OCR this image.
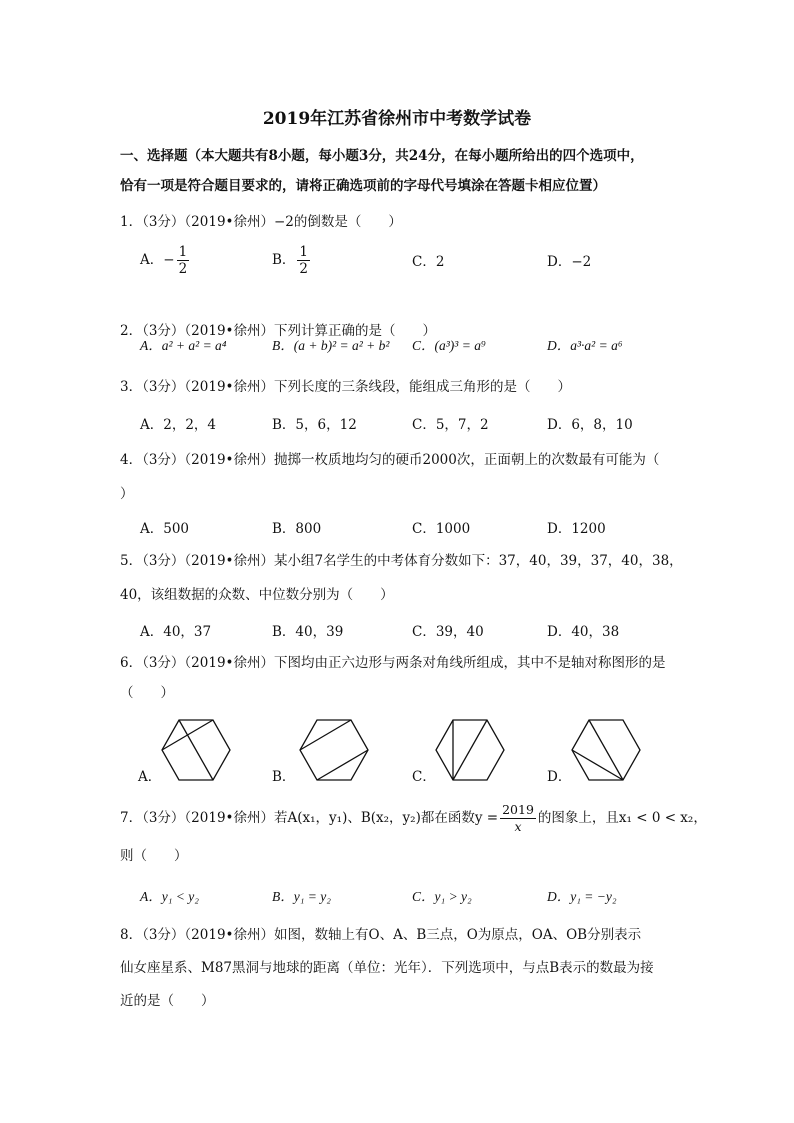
2019年江苏省徐州市中考数学试卷
一、选择题（本大题共有8小题，每小题3分，共24分，在每小题所给出的四个选项中，
恰有一项是符合题目要求的，请将正确选项前的字母代号填涂在答题卡相应位置）
1．（3分）（2019•徐州）−2的倒数是（　　）
A．− $\frac{1}{2}$	B． $\frac{1}{2}$	C．2	D．−2
2．（3分）（2019•徐州）下列计算正确的是（　　）
A．a² + a² = a⁴	B．(a + b)² = a² + b² C．(a³)³ = a⁹	D．a³·a² = a⁶
3．（3分）（2019•徐州）下列长度的三条线段，能组成三角形的是（　　）
A．2，2，4	B．5，6，12	C．5，7，2	D．6，8，10
4．（3分）（2019•徐州）抛掷一枚质地均匀的硬币2000次，正面朝上的次数最有可能为（
）
A．500	B．800	C．1000	D．1200
5．（3分）（2019•徐州）某小组7名学生的中考体育分数如下：37，40，39，37，40，38，
40，该组数据的众数、中位数分别为（　　）
A．40，37	B．40，39	C．39，40	D．40，38
6．（3分）（2019•徐州）下图均由正六边形与两条对角线所组成，其中不是轴对称图形的是
（　　）
A．	B．	C．	D．
7．（3分）（2019•徐州）若A(x₁，y₁)、B(x₂，y₂)都在函数$y = \frac{2019}{x}$ 的图象上，且x₁ < 0 < x₂，
则（　　）
A．y₁ < y₂	B．y₁ = y₂	C．y₁ > y₂	D．y₁ = −y₂
8．（3分）（2019•徐州）如图，数轴上有O、A、B三点，O为原点，OA、OB分别表示
仙女座星系、M87黑洞与地球的距离（单位：光年）．下列选项中，与点B表示的数最为接
近的是（　　）
